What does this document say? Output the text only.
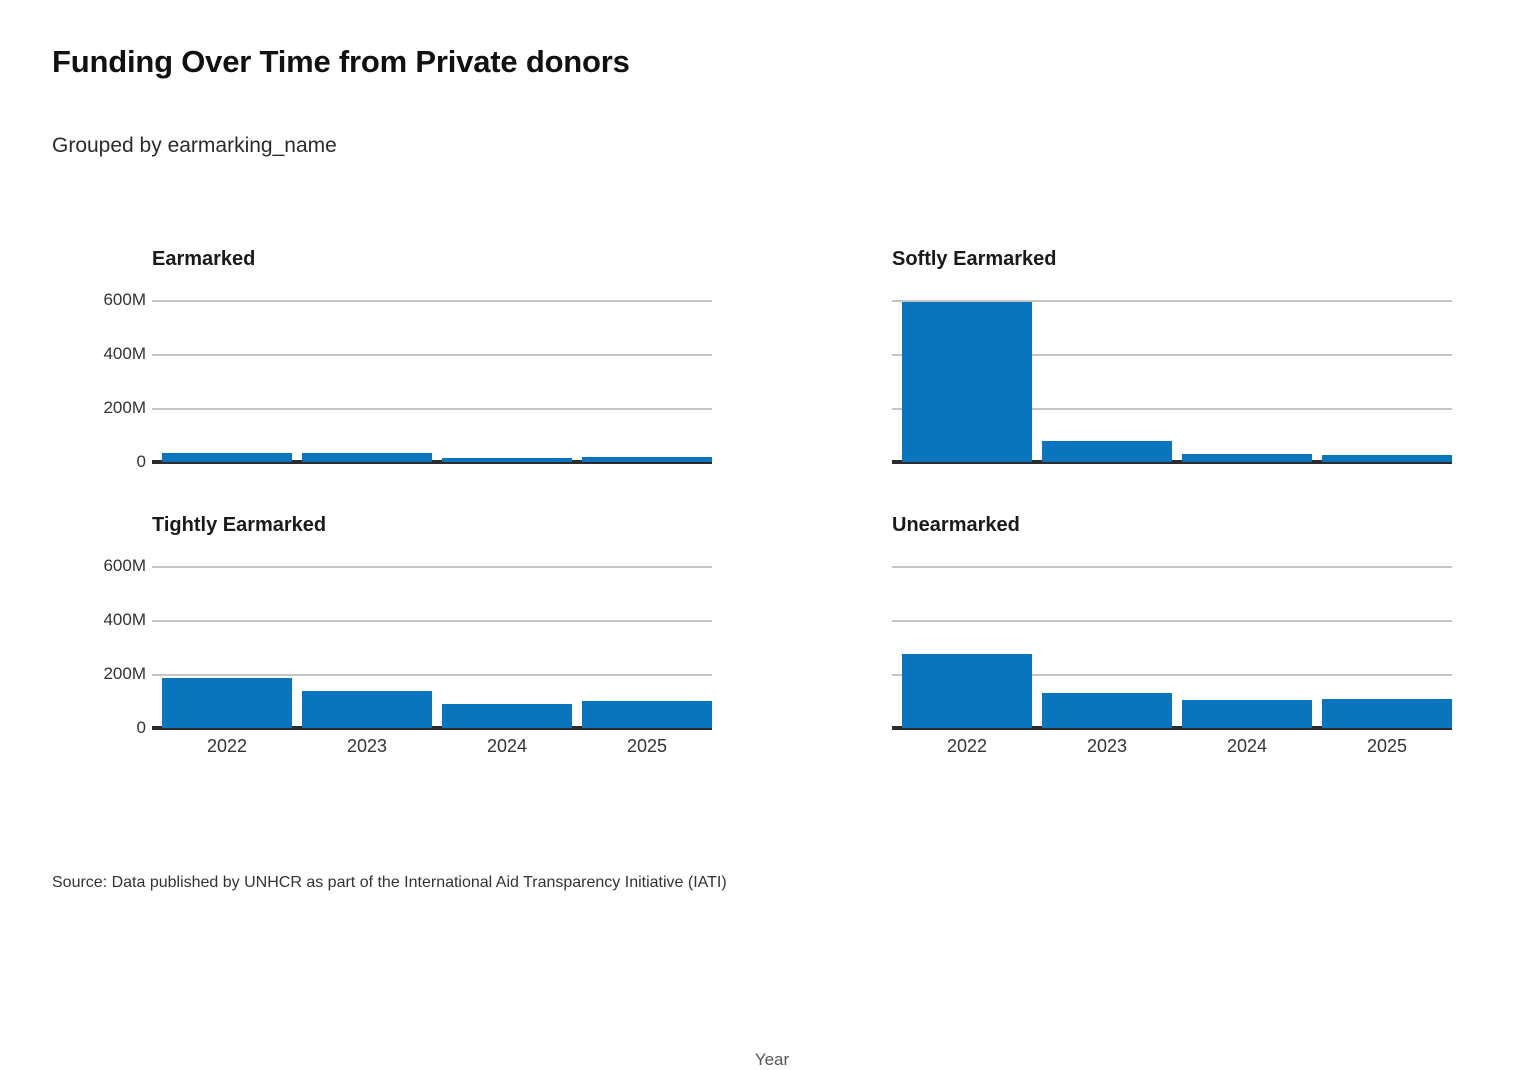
Funding Over Time from Private donors
Grouped by earmarking_name
Earmarked
600M
400M
200M
0
Softly Earmarked
Tightly Earmarked
600M
400M
200M
0
2022	2023	2024	2025
Unearmarked
2022	2023	2024	2025
Year
Source: Data published by UNHCR as part of the International Aid Transparency Initiative (IATI)
